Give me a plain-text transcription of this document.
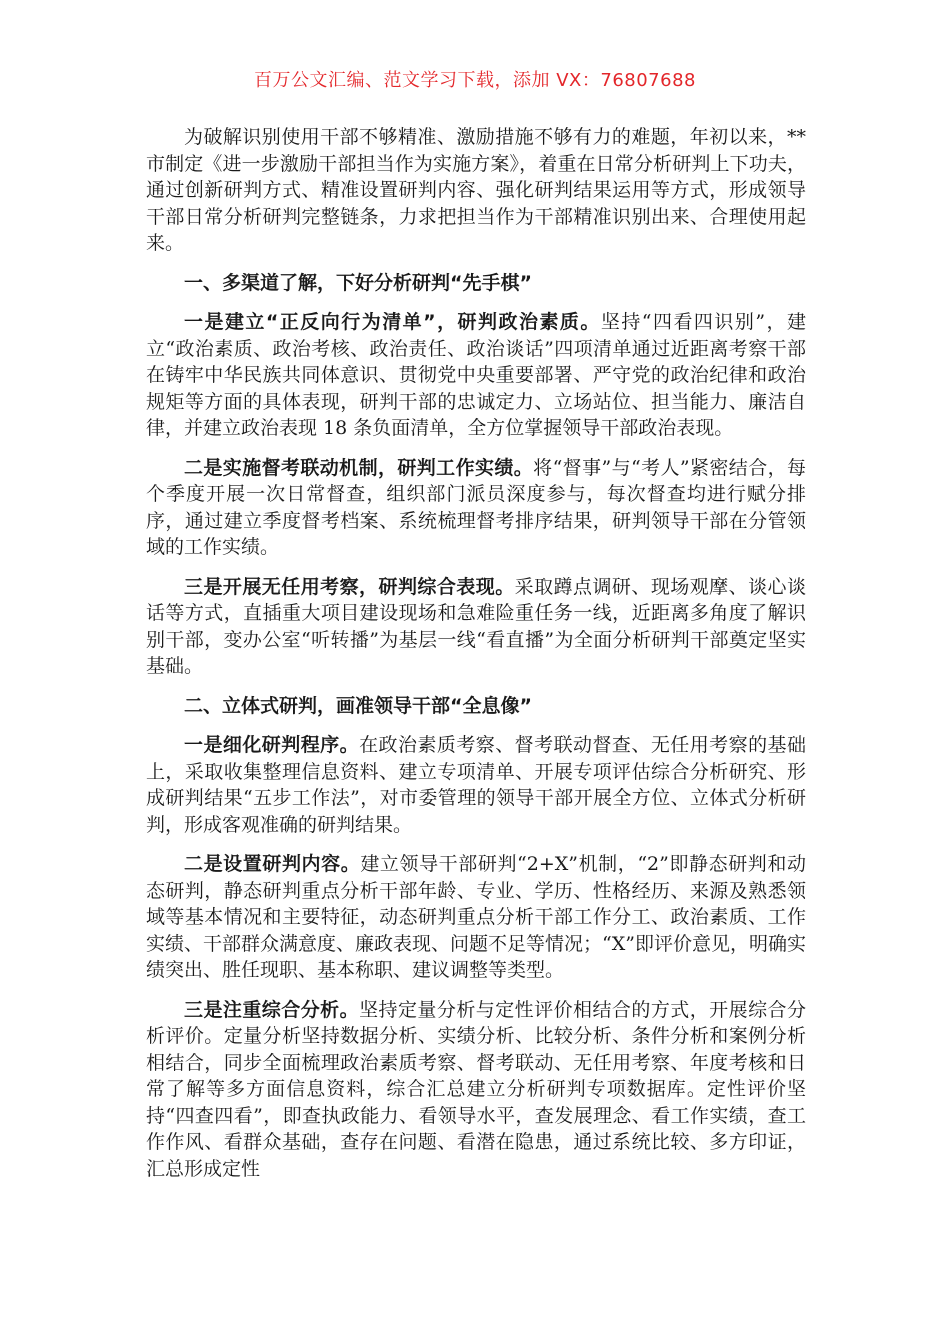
百万公文汇编、范文学习下载，添加 VX：76807688

为破解识别使用干部不够精准、激励措施不够有力的难题，年初以来，**市制定《进一步激励干部担当作为实施方案》，着重在日常分析研判上下功夫，通过创新研判方式、精准设置研判内容、强化研判结果运用等方式，形成领导干部日常分析研判完整链条，力求把担当作为干部精准识别出来、合理使用起来。

一、多渠道了解，下好分析研判“先手棋”

一是建立“正反向行为清单”，研判政治素质。坚持“四看四识别”，建立“政治素质、政治考核、政治责任、政治谈话”四项清单通过近距离考察干部在铸牢中华民族共同体意识、贯彻党中央重要部署、严守党的政治纪律和政治规矩等方面的具体表现，研判干部的忠诚定力、立场站位、担当能力、廉洁自律，并建立政治表现 18 条负面清单，全方位掌握领导干部政治表现。

二是实施督考联动机制，研判工作实绩。将“督事”与“考人”紧密结合，每个季度开展一次日常督查，组织部门派员深度参与，每次督查均进行赋分排序，通过建立季度督考档案、系统梳理督考排序结果，研判领导干部在分管领域的工作实绩。

三是开展无任用考察，研判综合表现。采取蹲点调研、现场观摩、谈心谈话等方式，直插重大项目建设现场和急难险重任务一线，近距离多角度了解识别干部，变办公室“听转播”为基层一线“看直播”为全面分析研判干部奠定坚实基础。

二、立体式研判，画准领导干部“全息像”

一是细化研判程序。在政治素质考察、督考联动督查、无任用考察的基础上，采取收集整理信息资料、建立专项清单、开展专项评估综合分析研究、形成研判结果“五步工作法”，对市委管理的领导干部开展全方位、立体式分析研判，形成客观准确的研判结果。

二是设置研判内容。建立领导干部研判“2+X”机制，“2”即静态研判和动态研判，静态研判重点分析干部年龄、专业、学历、性格经历、来源及熟悉领域等基本情况和主要特征，动态研判重点分析干部工作分工、政治素质、工作实绩、干部群众满意度、廉政表现、问题不足等情况；“X”即评价意见，明确实绩突出、胜任现职、基本称职、建议调整等类型。

三是注重综合分析。坚持定量分析与定性评价相结合的方式，开展综合分析评价。定量分析坚持数据分析、实绩分析、比较分析、条件分析和案例分析相结合，同步全面梳理政治素质考察、督考联动、无任用考察、年度考核和日常了解等多方面信息资料，综合汇总建立分析研判专项数据库。定性评价坚持“四查四看”，即查执政能力、看领导水平，查发展理念、看工作实绩，查工作作风、看群众基础，查存在问题、看潜在隐患，通过系统比较、多方印证，汇总形成定性
